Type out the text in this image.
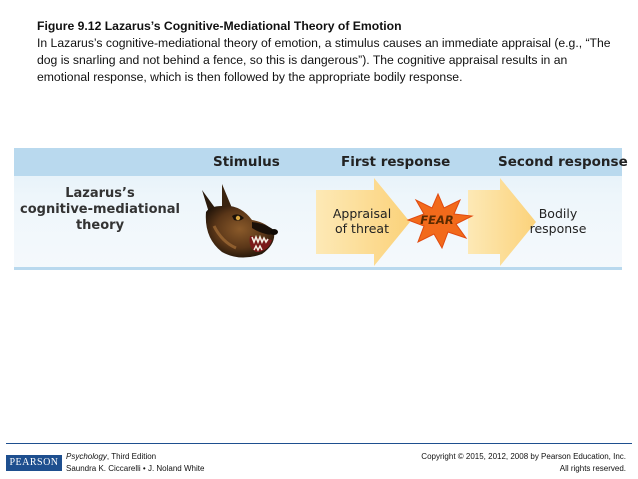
Figure 9.12 Lazarus’s Cognitive-Mediational Theory of Emotion
In Lazarus’s cognitive-mediational theory of emotion, a stimulus causes an immediate appraisal (e.g., “The dog is snarling and not behind a fence, so this is dangerous”). The cognitive appraisal results in an emotional response, which is then followed by the appropriate bodily response.
Stimulus	First response	Second response
Lazarus’s
cognitive-mediational
theory
Appraisal
of threat
FEAR	Bodily
response
PEARSON
Psychology, Third Edition
Saundra K. Ciccarelli • J. Noland White
Copyright © 2015, 2012, 2008 by Pearson Education, Inc.
All rights reserved.
